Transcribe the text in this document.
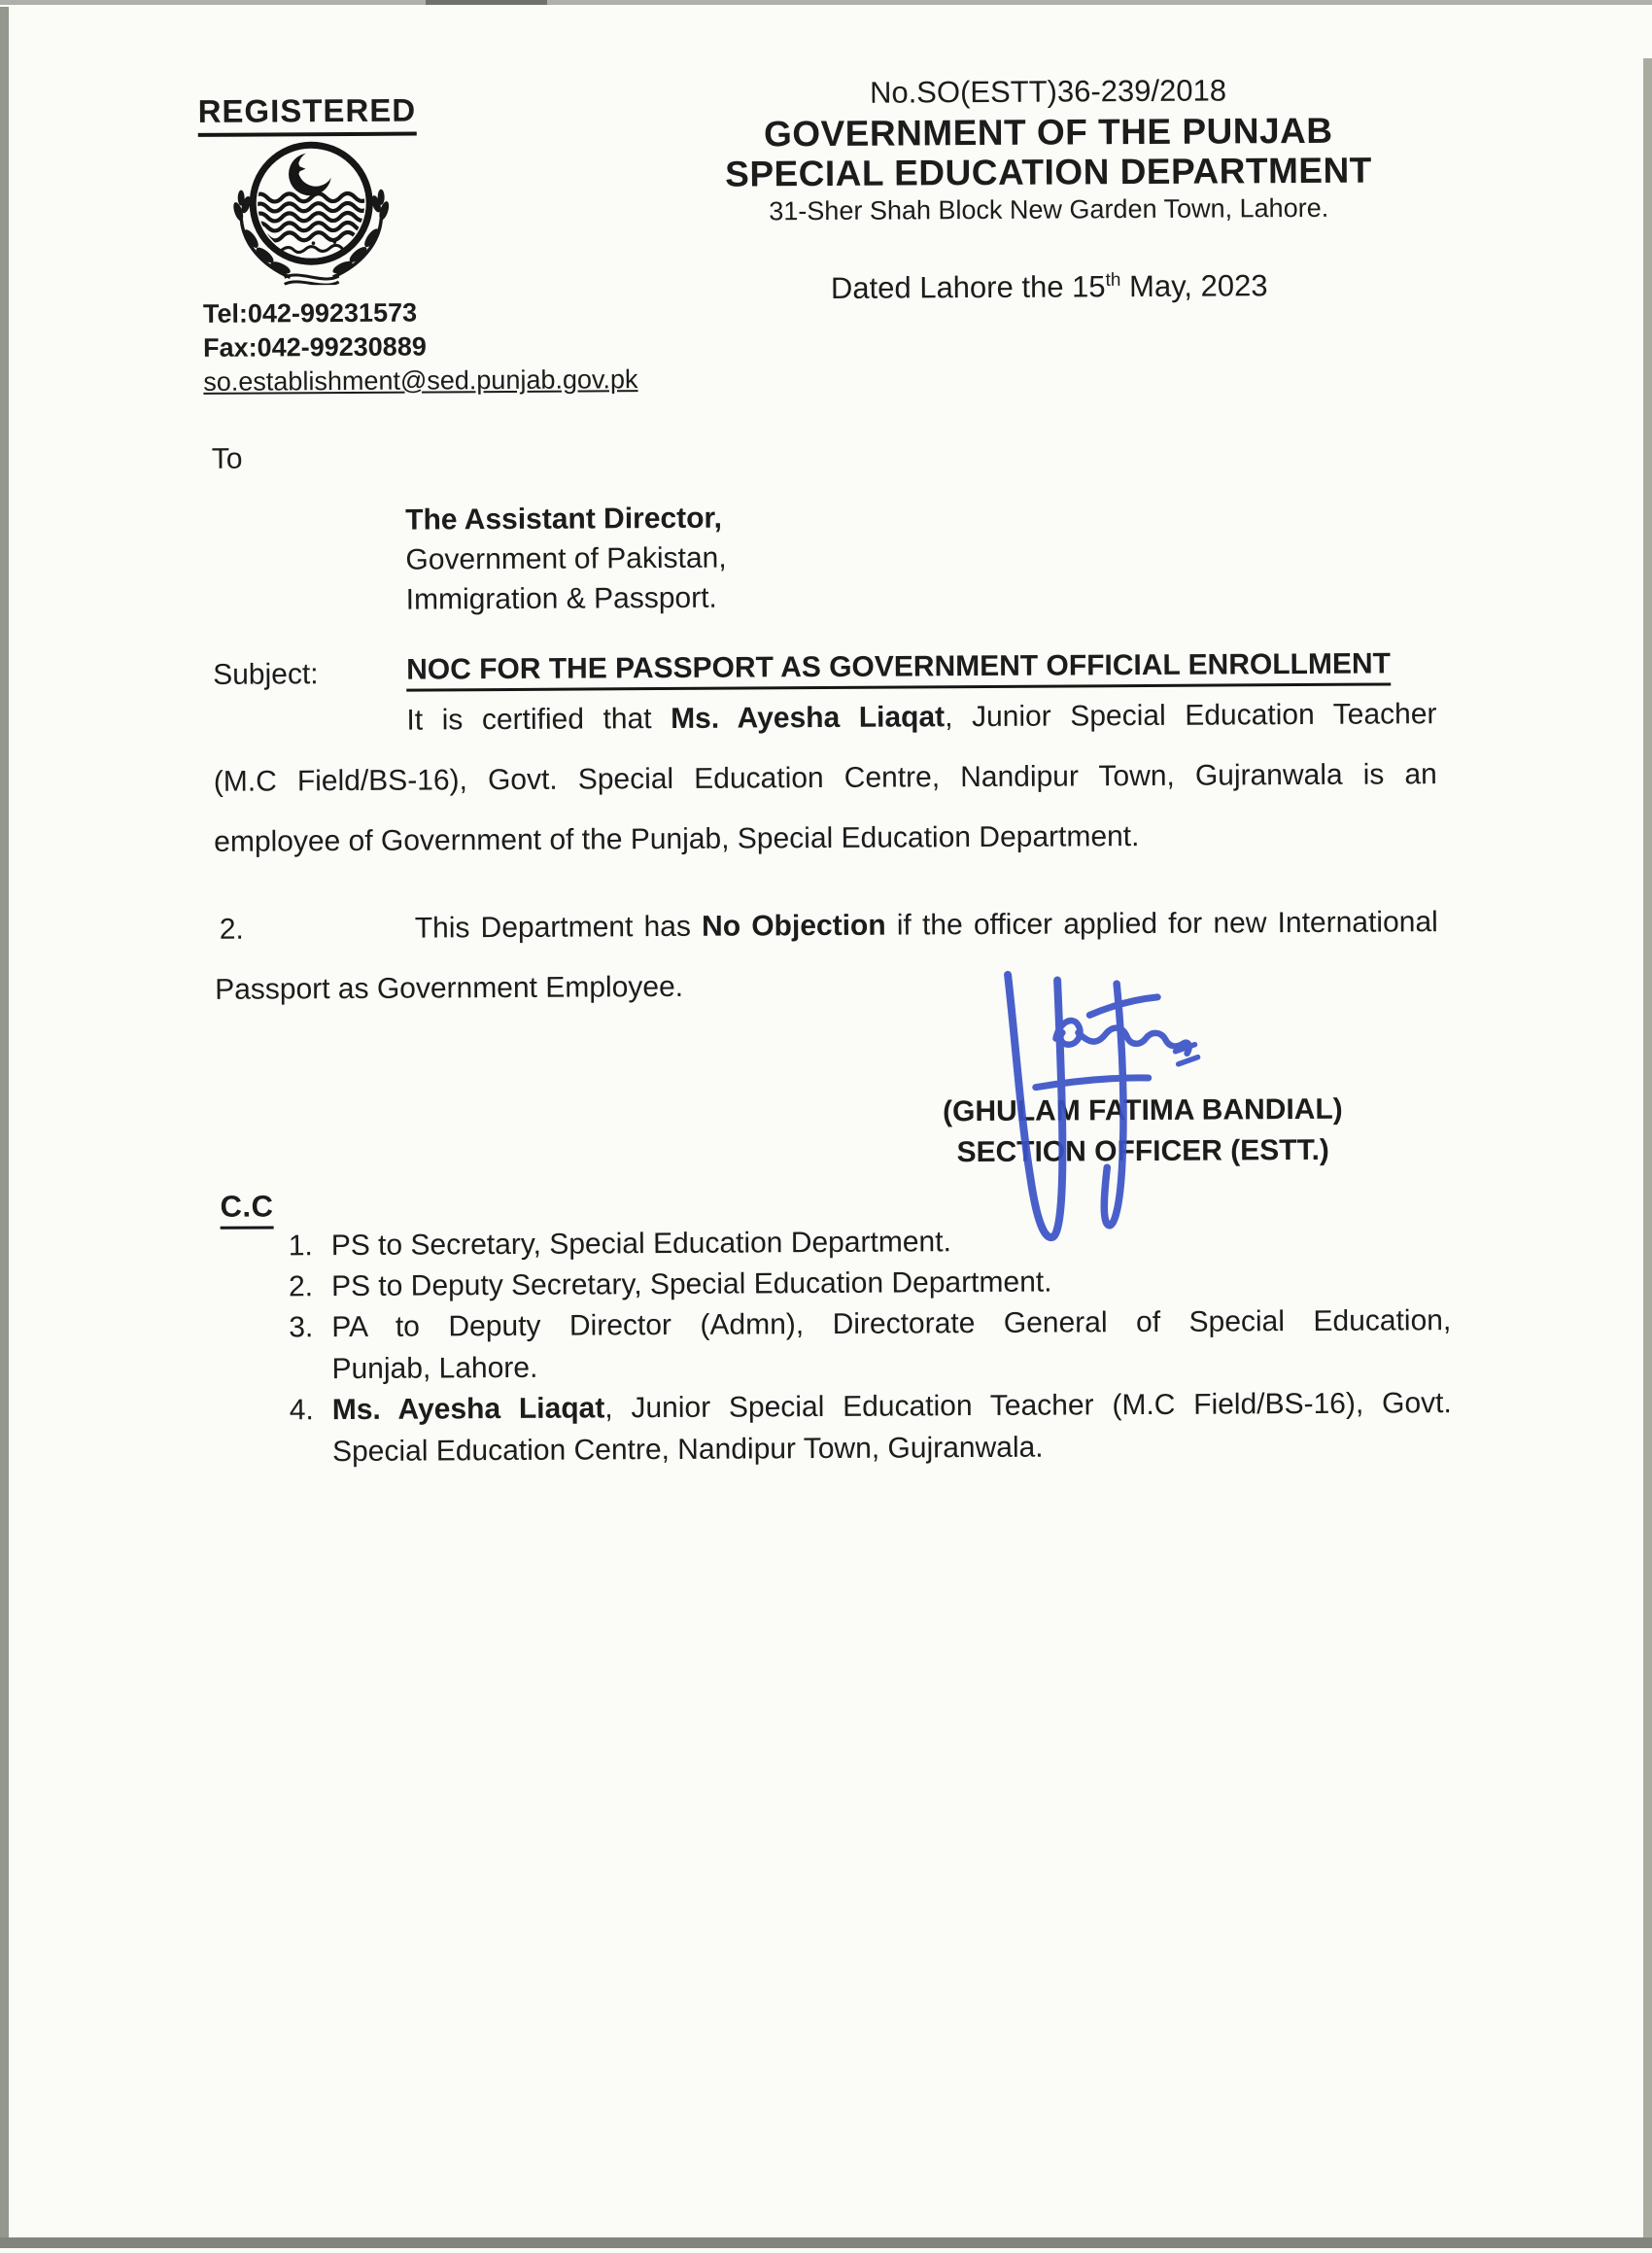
REGISTERED
Tel:042-99231573
Fax:042-99230889
so.establishment@sed.punjab.gov.pk
No.SO(ESTT)36-239/2018
GOVERNMENT OF THE PUNJAB
SPECIAL EDUCATION DEPARTMENT
31-Sher Shah Block New Garden Town, Lahore.
Dated Lahore the 15th May, 2023
To
The Assistant Director,
Government of Pakistan,
Immigration & Passport.
Subject:	NOC FOR THE PASSPORT AS GOVERNMENT OFFICIAL ENROLLMENT
It is certified that Ms. Ayesha Liaqat, Junior Special Education Teacher
(M.C Field/BS-16), Govt. Special Education Centre, Nandipur Town, Gujranwala is an
employee of Government of the Punjab, Special Education Department.
2.	This Department has No Objection if the officer applied for new International
Passport as Government Employee.
(GHULAM FATIMA BANDIAL)
SECTION OFFICER (ESTT.)
C.C
1. PS to Secretary, Special Education Department.
2. PS to Deputy Secretary, Special Education Department.
3. PA to Deputy Director (Admn), Directorate General of Special Education,
Punjab, Lahore.
4. Ms. Ayesha Liaqat, Junior Special Education Teacher (M.C Field/BS-16), Govt.
Special Education Centre, Nandipur Town, Gujranwala.
